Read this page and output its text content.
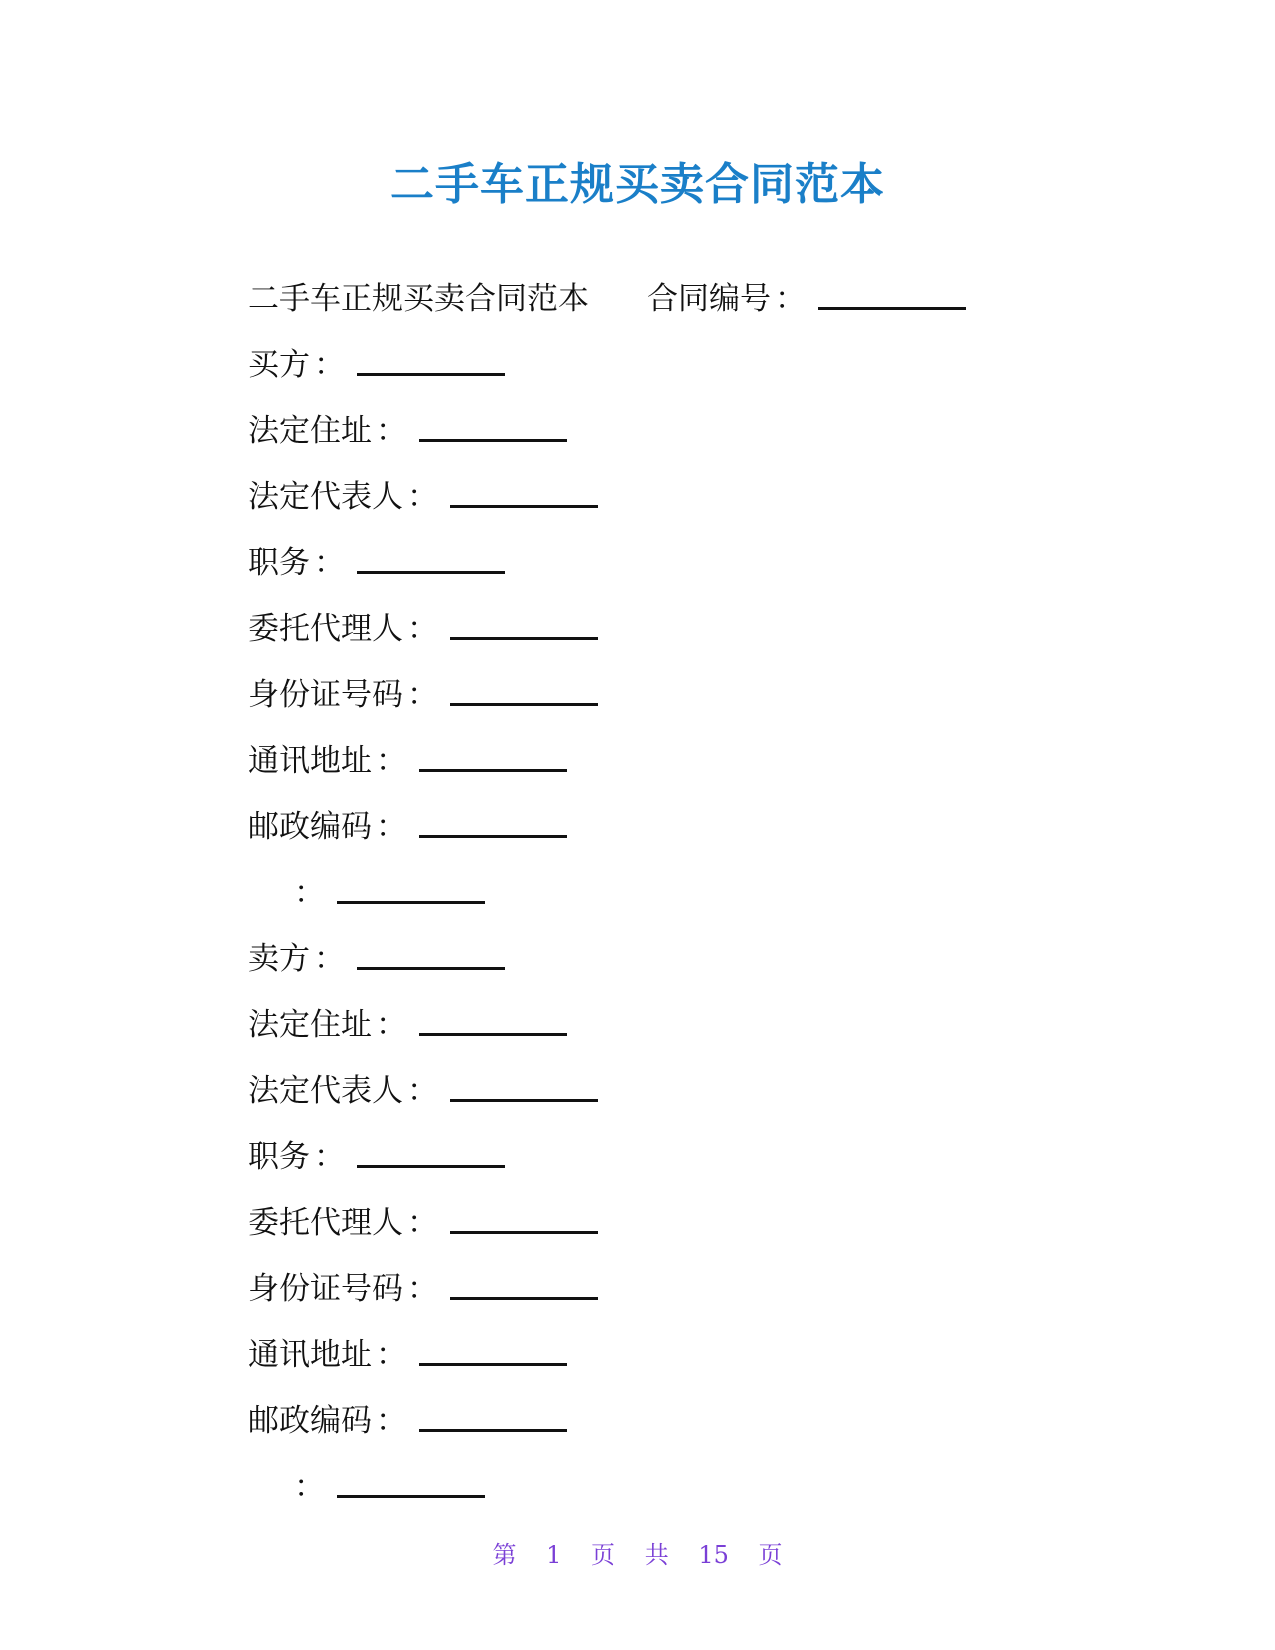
二手车正规买卖合同范本
二手车正规买卖合同范本 合同编号 ：
买方 ：
法定住址 ：
法定代表人 ：
职务 ：
委托代理人 ：
身份证号码 ：
通讯地址 ：
邮政编码 ：
：
卖方 ：
法定住址 ：
法定代表人 ：
职务 ：
委托代理人 ：
身份证号码 ：
通讯地址 ：
邮政编码 ：
：
第 1 页 共 15 页
